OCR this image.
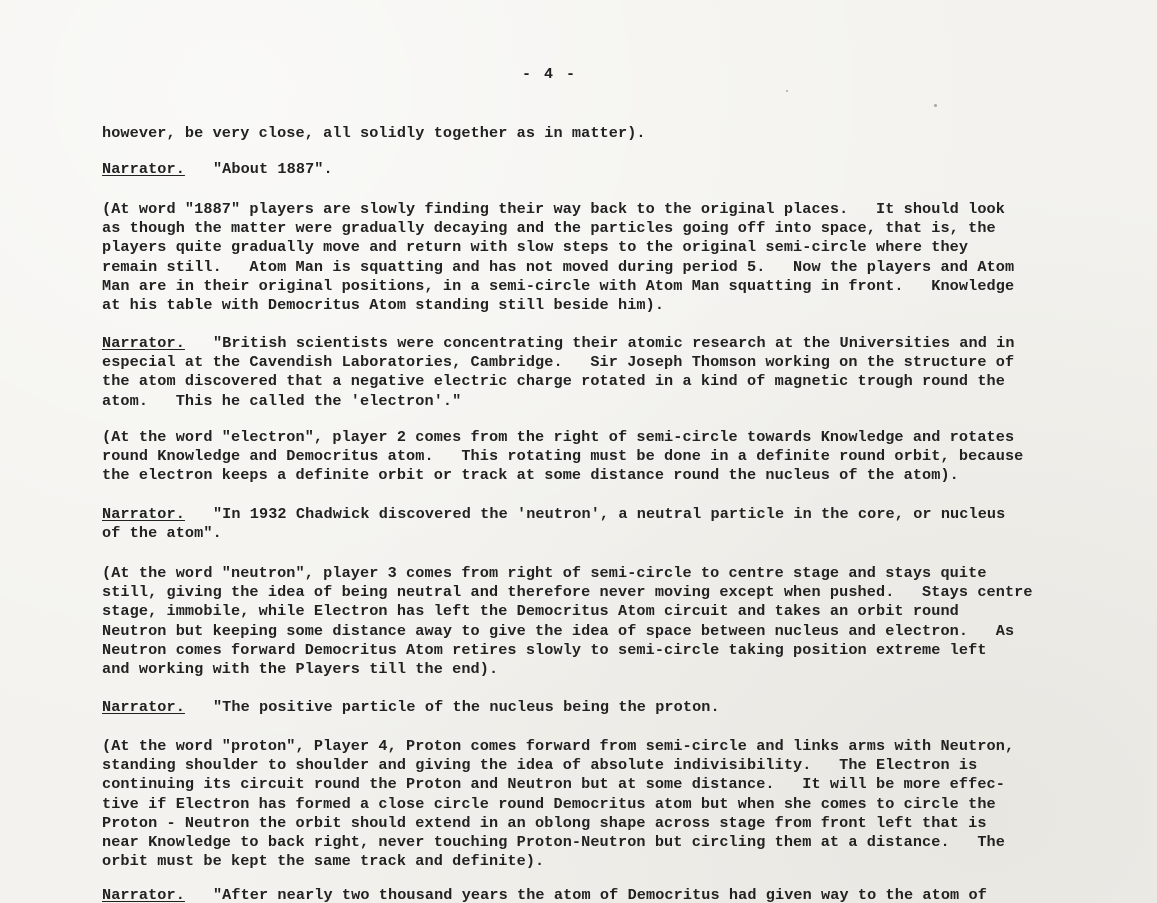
- 4 -
however, be very close, all solidly together as in matter).
Narrator. "About 1887".
(At word "1887" players are slowly finding their way back to the original places.   It should look
as though the matter were gradually decaying and the particles going off into space, that is, the
players quite gradually move and return with slow steps to the original semi-circle where they
remain still.   Atom Man is squatting and has not moved during period 5.   Now the players and Atom
Man are in their original positions, in a semi-circle with Atom Man squatting in front.   Knowledge
at his table with Democritus Atom standing still beside him).
Narrator. "British scientists were concentrating their atomic research at the Universities and in
especial at the Cavendish Laboratories, Cambridge.   Sir Joseph Thomson working on the structure of
the atom discovered that a negative electric charge rotated in a kind of magnetic trough round the
atom.   This he called the 'electron'."
(At the word "electron", player 2 comes from the right of semi-circle towards Knowledge and rotates
round Knowledge and Democritus atom.   This rotating must be done in a definite round orbit, because
the electron keeps a definite orbit or track at some distance round the nucleus of the atom).
Narrator. "In 1932 Chadwick discovered the 'neutron', a neutral particle in the core, or nucleus
of the atom".
(At the word "neutron", player 3 comes from right of semi-circle to centre stage and stays quite
still, giving the idea of being neutral and therefore never moving except when pushed.   Stays centre
stage, immobile, while Electron has left the Democritus Atom circuit and takes an orbit round
Neutron but keeping some distance away to give the idea of space between nucleus and electron.   As
Neutron comes forward Democritus Atom retires slowly to semi-circle taking position extreme left
and working with the Players till the end).
Narrator. "The positive particle of the nucleus being the proton.
(At the word "proton", Player 4, Proton comes forward from semi-circle and links arms with Neutron,
standing shoulder to shoulder and giving the idea of absolute indivisibility.   The Electron is
continuing its circuit round the Proton and Neutron but at some distance.   It will be more effec-
tive if Electron has formed a close circle round Democritus atom but when she comes to circle the
Proton - Neutron the orbit should extend in an oblong shape across stage from front left that is
near Knowledge to back right, never touching Proton-Neutron but circling them at a distance.   The
orbit must be kept the same track and definite).
Narrator. "After nearly two thousand years the atom of Democritus had given way to the atom of
